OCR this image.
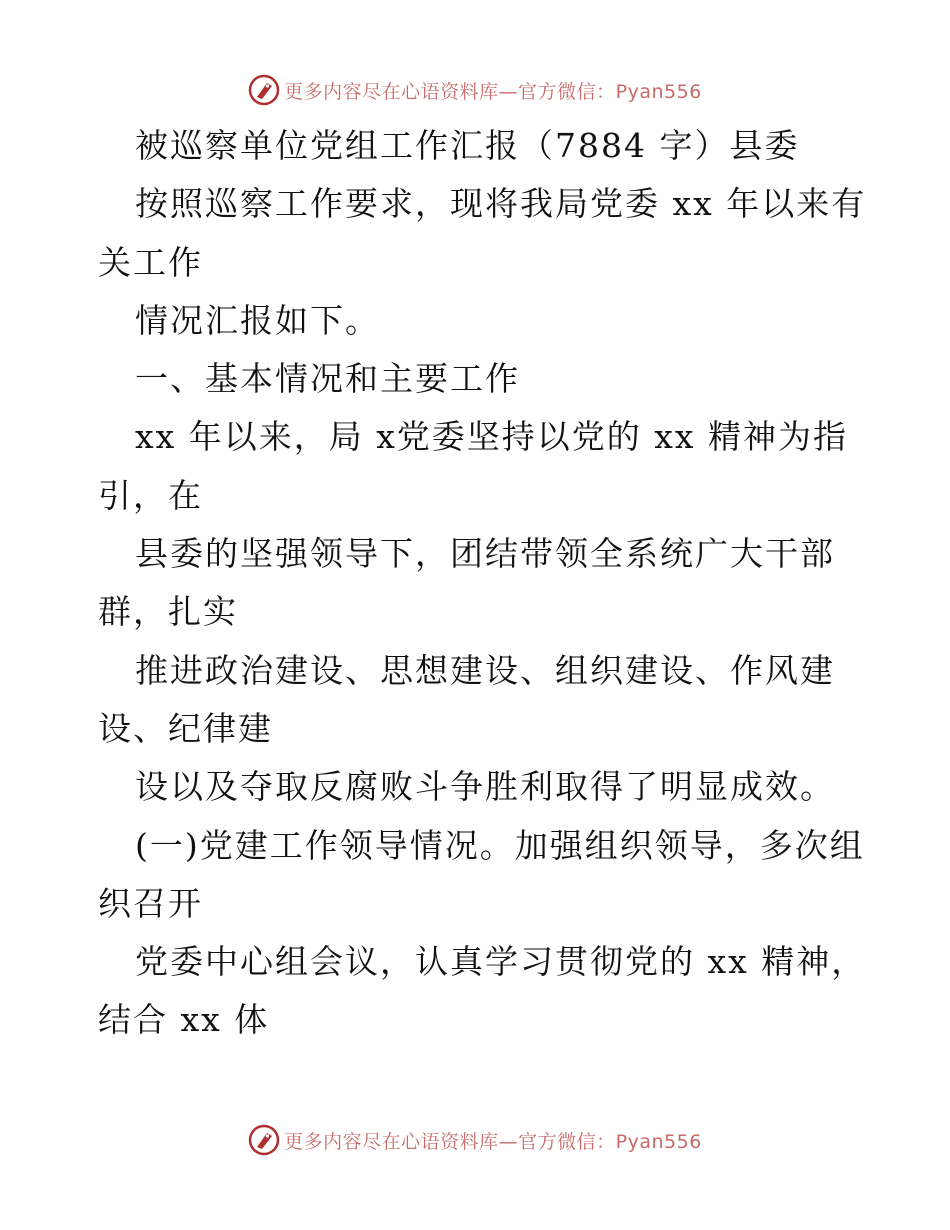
更多内容尽在心语资料库—官方微信：Pyan556
被巡察单位党组工作汇报（7884 字）县委
按照巡察工作要求，现将我局党委 xx 年以来有
关工作
情况汇报如下。
一、基本情况和主要工作
xx 年以来，局 x党委坚持以党的 xx 精神为指
引，在
县委的坚强领导下，团结带领全系统广大干部
群，扎实
推进政治建设、思想建设、组织建设、作风建
设、纪律建
设以及夺取反腐败斗争胜利取得了明显成效。
(一)党建工作领导情况。加强组织领导，多次组
织召开
党委中心组会议，认真学习贯彻党的 xx 精神，
结合 xx 体
更多内容尽在心语资料库—官方微信：Pyan556
